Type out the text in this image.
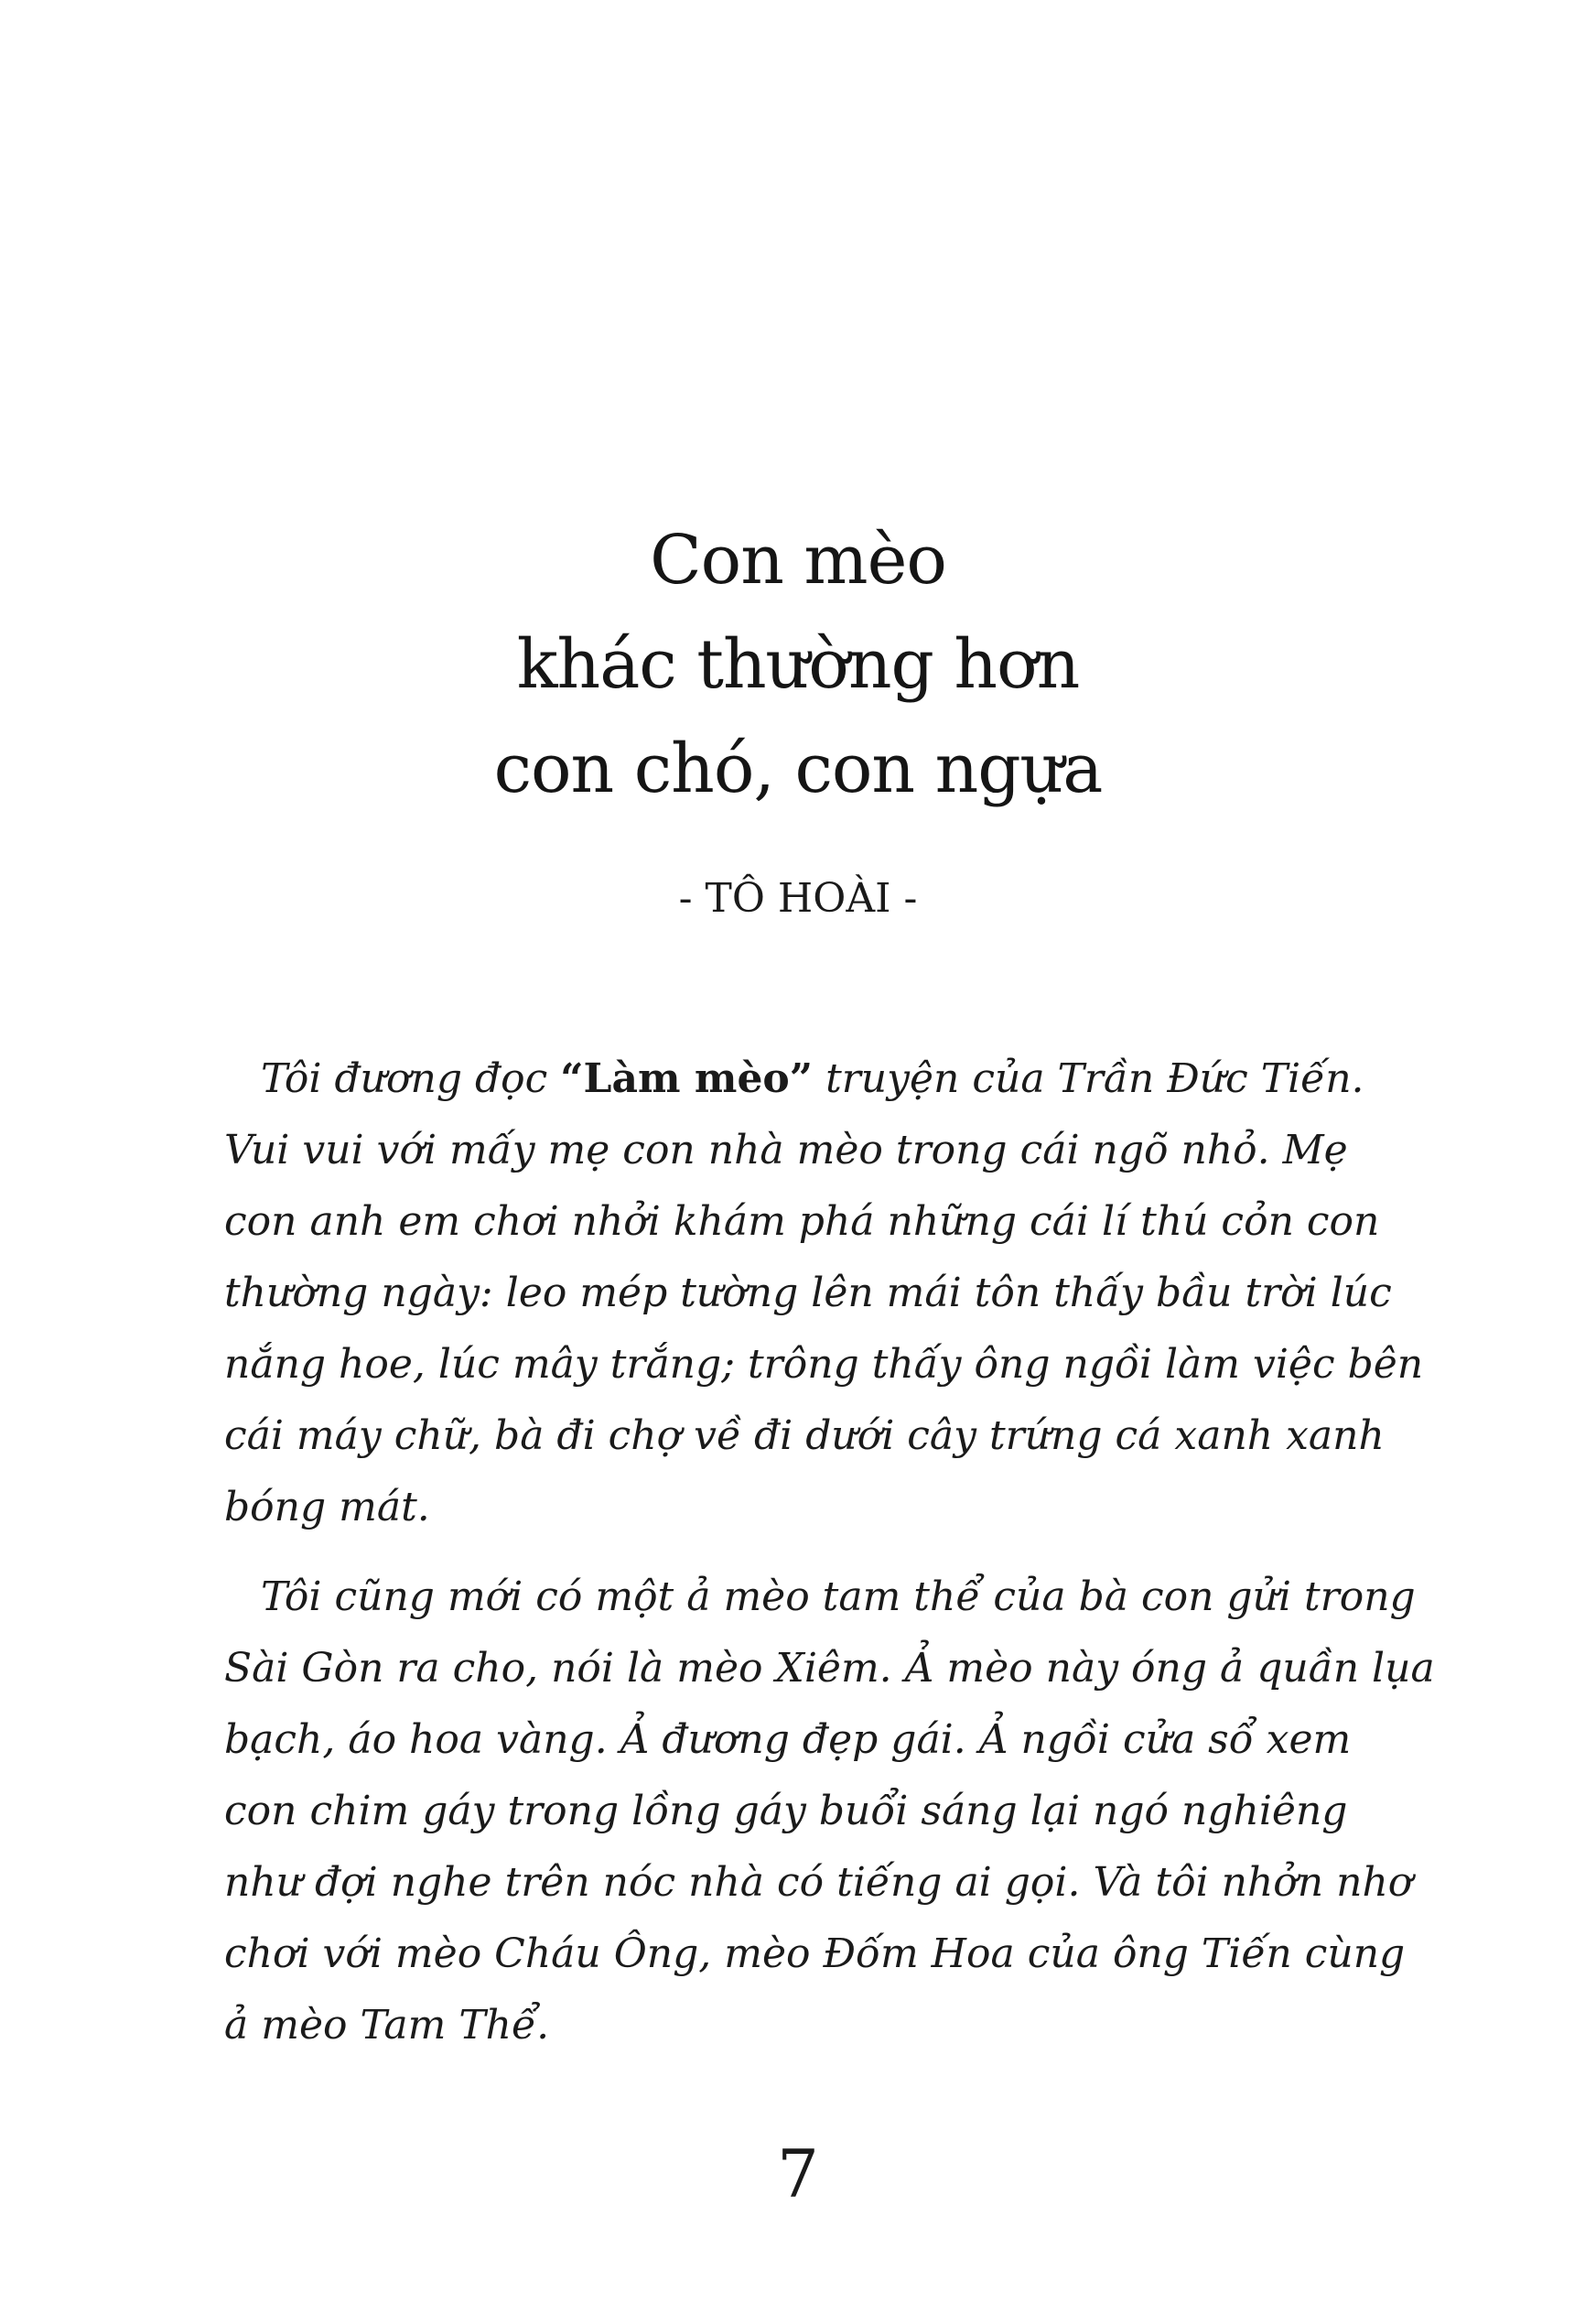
Con mèo
khác thường hơn
con chó, con ngựa

- TÔ HOÀI -

Tôi đương đọc “Làm mèo” truyện của Trần Đức Tiến.
Vui vui với mấy mẹ con nhà mèo trong cái ngõ nhỏ. Mẹ
con anh em chơi nhởi khám phá những cái lí thú cỏn con
thường ngày: leo mép tường lên mái tôn thấy bầu trời lúc
nắng hoe, lúc mây trắng; trông thấy ông ngồi làm việc bên
cái máy chữ, bà đi chợ về đi dưới cây trứng cá xanh xanh
bóng mát.

Tôi cũng mới có một ả mèo tam thể của bà con gửi trong
Sài Gòn ra cho, nói là mèo Xiêm. Ả mèo này óng ả quần lụa
bạch, áo hoa vàng. Ả đương đẹp gái. Ả ngồi cửa sổ xem
con chim gáy trong lồng gáy buổi sáng lại ngó nghiêng
như đợi nghe trên nóc nhà có tiếng ai gọi. Và tôi nhởn nhơ
chơi với mèo Cháu Ông, mèo Đốm Hoa của ông Tiến cùng
ả mèo Tam Thể.

7
